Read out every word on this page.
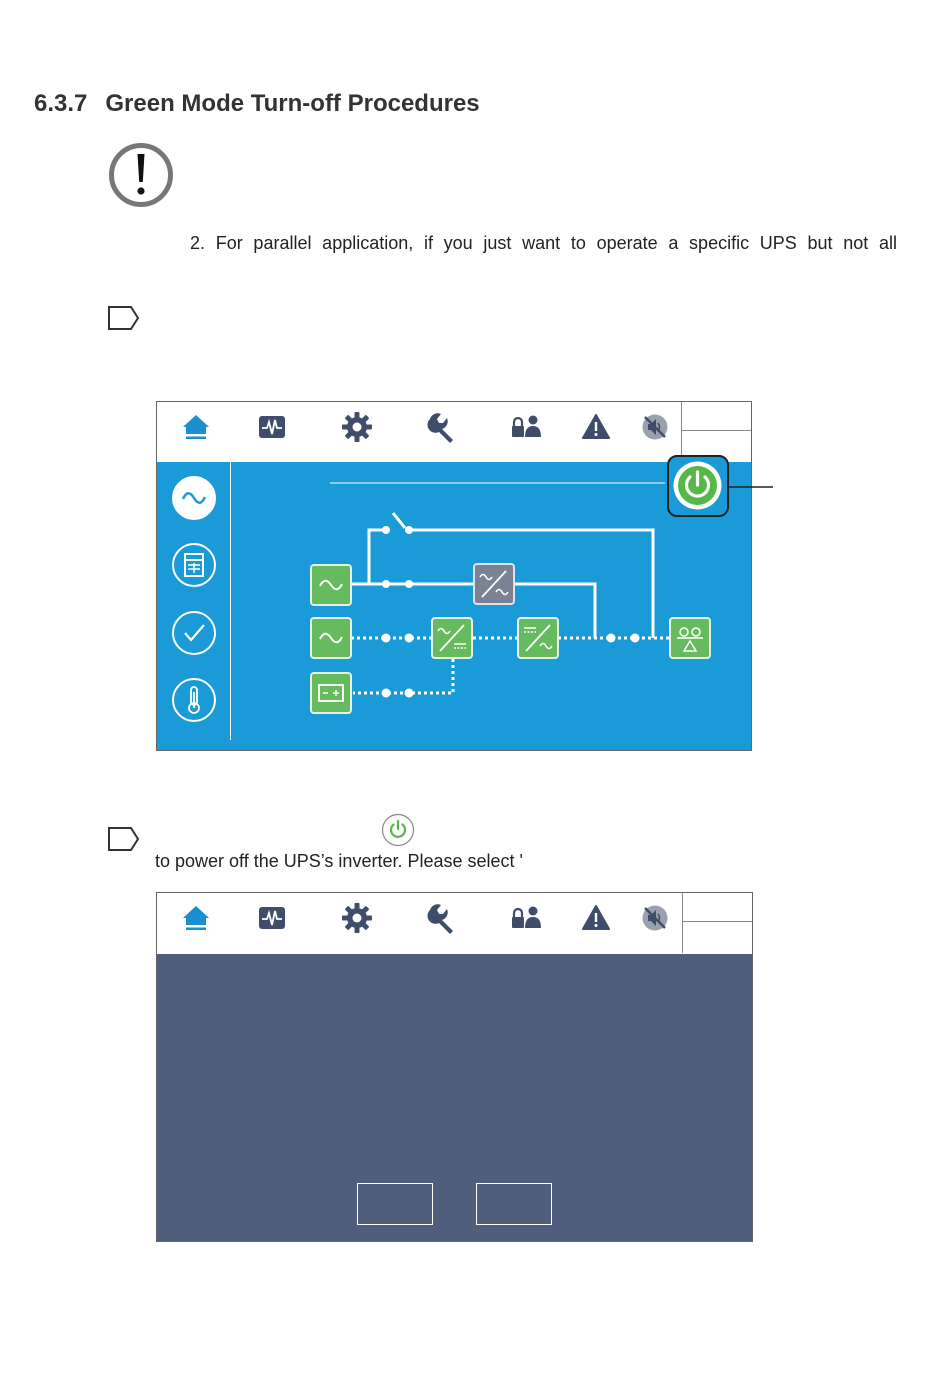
6.3.7 Green Mode Turn-off Procedures
2. For parallel application, if you just want to operate a specific UPS but not all
to power off the UPS’s inverter. Please select '
